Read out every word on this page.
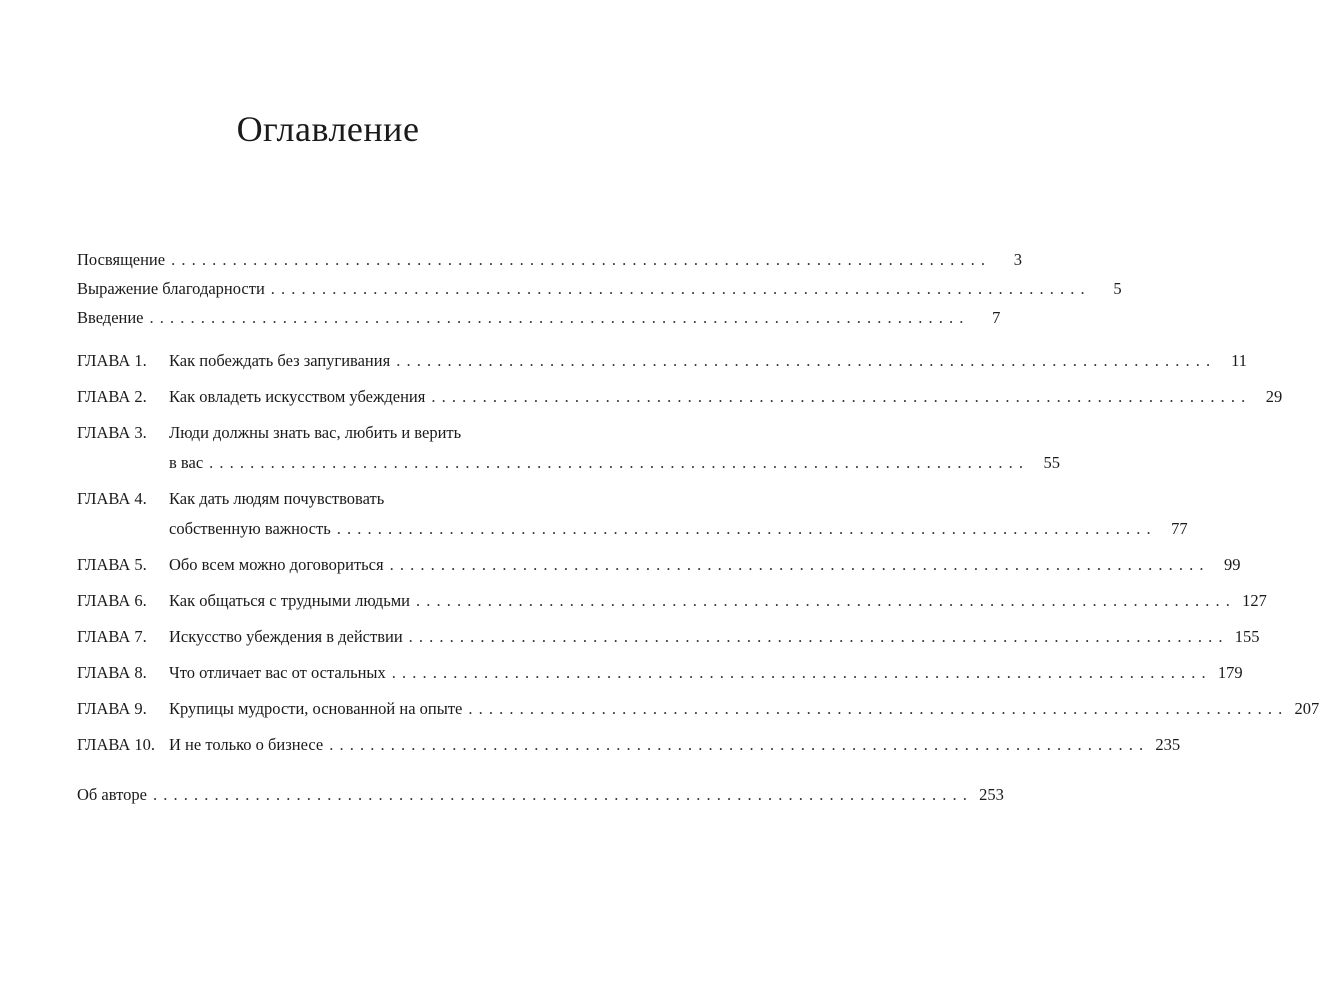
Оглавление
Посвящение . . . . . . . . . . . . . . . . . . . . . . . . . . . . . . . . . . . . . . . . . . . . . . . . . . . . . . . . . . . . . . . . . . . . . . . . . . . . . . . .	3
Выражение благодарности . . . . . . . . . . . . . . . . . . . . . . . . . . . . . . . . . . . . . . . . . . . . . . . . . . . . . . . . . . . . . . . . . . . . . . . . . . . . . . . .	5
Введение . . . . . . . . . . . . . . . . . . . . . . . . . . . . . . . . . . . . . . . . . . . . . . . . . . . . . . . . . . . . . . . . . . . . . . . . . . . . . . . .	7
ГЛАВА 1.	Как побеждать без запугивания . . . . . . . . . . . . . . . . . . . . . . . . . . . . . . . . . . . . . . . . . . . . . . . . . . . . . . . . . . . . . . . . . . . . . . . . . . . . . . . .	11
ГЛАВА 2.	Как овладеть искусством убеждения . . . . . . . . . . . . . . . . . . . . . . . . . . . . . . . . . . . . . . . . . . . . . . . . . . . . . . . . . . . . . . . . . . . . . . . . . . . . . . . .	29
ГЛАВА 3.	Люди должны знать вас, любить и верить
в вас . . . . . . . . . . . . . . . . . . . . . . . . . . . . . . . . . . . . . . . . . . . . . . . . . . . . . . . . . . . . . . . . . . . . . . . . . . . . . . . .	55
ГЛАВА 4.	Как дать людям почувствовать
собственную важность . . . . . . . . . . . . . . . . . . . . . . . . . . . . . . . . . . . . . . . . . . . . . . . . . . . . . . . . . . . . . . . . . . . . . . . . . . . . . . . .	77
ГЛАВА 5.	Обо всем можно договориться . . . . . . . . . . . . . . . . . . . . . . . . . . . . . . . . . . . . . . . . . . . . . . . . . . . . . . . . . . . . . . . . . . . . . . . . . . . . . . . .	99
ГЛАВА 6.	Как общаться с трудными людьми . . . . . . . . . . . . . . . . . . . . . . . . . . . . . . . . . . . . . . . . . . . . . . . . . . . . . . . . . . . . . . . . . . . . . . . . . . . . . . . . 127
ГЛАВА 7.	Искусство убеждения в действии . . . . . . . . . . . . . . . . . . . . . . . . . . . . . . . . . . . . . . . . . . . . . . . . . . . . . . . . . . . . . . . . . . . . . . . . . . . . . . . . 155
ГЛАВА 8.	Что отличает вас от остальных . . . . . . . . . . . . . . . . . . . . . . . . . . . . . . . . . . . . . . . . . . . . . . . . . . . . . . . . . . . . . . . . . . . . . . . . . . . . . . . . 179
ГЛАВА 9.	Крупицы мудрости, основанной на опыте . . . . . . . . . . . . . . . . . . . . . . . . . . . . . . . . . . . . . . . . . . . . . . . . . . . . . . . . . . . . . . . . . . . . . . . . . . . . . . . . 207
ГЛАВА 10. И не только о бизнесе . . . . . . . . . . . . . . . . . . . . . . . . . . . . . . . . . . . . . . . . . . . . . . . . . . . . . . . . . . . . . . . . . . . . . . . . . . . . . . . . 235
Об авторе . . . . . . . . . . . . . . . . . . . . . . . . . . . . . . . . . . . . . . . . . . . . . . . . . . . . . . . . . . . . . . . . . . . . . . . . . . . . . . . . 253
